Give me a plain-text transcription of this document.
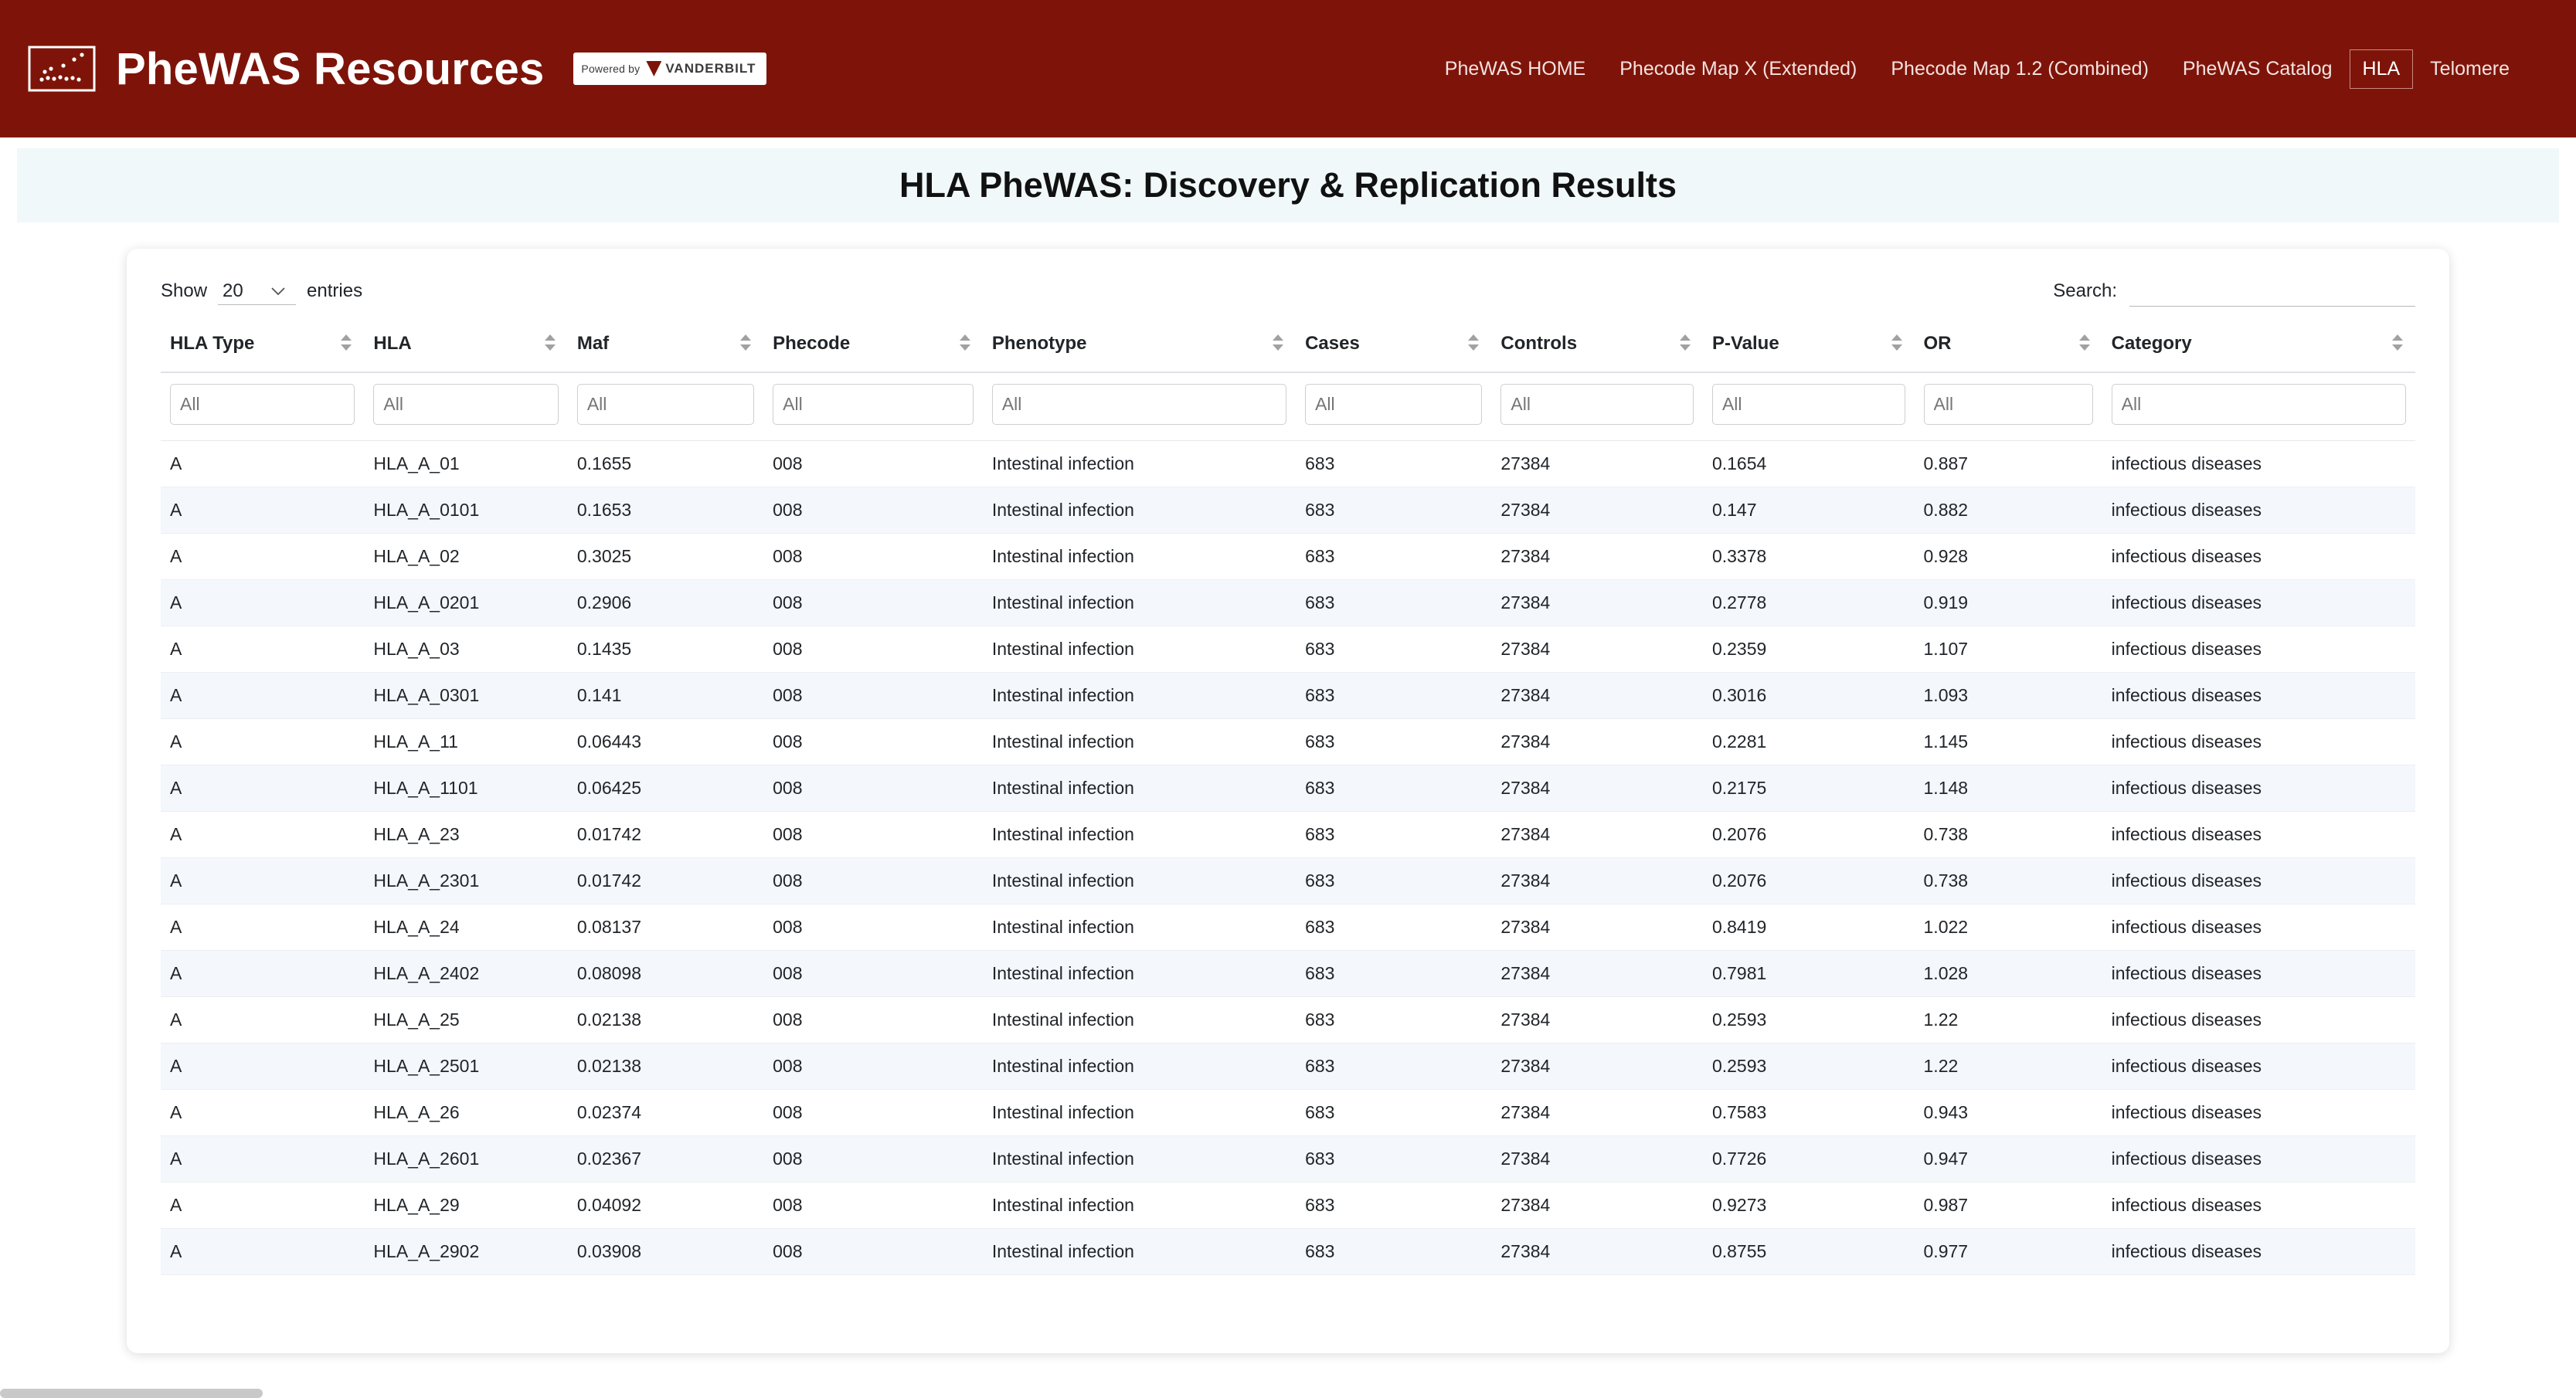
PheWAS Resources	Powered by VANDERBILT	PheWAS HOME	Phecode Map X (Extended)	Phecode Map 1.2 (Combined)	PheWAS Catalog	HLA	Telomere
HLA PheWAS: Discovery & Replication Results
Show
20	entries	Search:
HLA Type	HLA	Maf	Phecode	Phenotype	Cases	Controls	P-Value	OR	Category

All	All	All	All	All	All	All	All	All	All
A	HLA_A_01	0.1655	008	Intestinal infection	683	27384	0.1654	0.887	infectious diseases
A	HLA_A_0101	0.1653	008	Intestinal infection	683	27384	0.147	0.882	infectious diseases
A	HLA_A_02	0.3025	008	Intestinal infection	683	27384	0.3378	0.928	infectious diseases
A	HLA_A_0201	0.2906	008	Intestinal infection	683	27384	0.2778	0.919	infectious diseases
A	HLA_A_03	0.1435	008	Intestinal infection	683	27384	0.2359	1.107	infectious diseases
A	HLA_A_0301	0.141	008	Intestinal infection	683	27384	0.3016	1.093	infectious diseases
A	HLA_A_11	0.06443	008	Intestinal infection	683	27384	0.2281	1.145	infectious diseases
A	HLA_A_1101	0.06425	008	Intestinal infection	683	27384	0.2175	1.148	infectious diseases
A	HLA_A_23	0.01742	008	Intestinal infection	683	27384	0.2076	0.738	infectious diseases
A	HLA_A_2301	0.01742	008	Intestinal infection	683	27384	0.2076	0.738	infectious diseases
A	HLA_A_24	0.08137	008	Intestinal infection	683	27384	0.8419	1.022	infectious diseases
A	HLA_A_2402	0.08098	008	Intestinal infection	683	27384	0.7981	1.028	infectious diseases
A	HLA_A_25	0.02138	008	Intestinal infection	683	27384	0.2593	1.22	infectious diseases
A	HLA_A_2501	0.02138	008	Intestinal infection	683	27384	0.2593	1.22	infectious diseases
A	HLA_A_26	0.02374	008	Intestinal infection	683	27384	0.7583	0.943	infectious diseases
A	HLA_A_2601	0.02367	008	Intestinal infection	683	27384	0.7726	0.947	infectious diseases
A	HLA_A_29	0.04092	008	Intestinal infection	683	27384	0.9273	0.987	infectious diseases
A	HLA_A_2902	0.03908	008	Intestinal infection	683	27384	0.8755	0.977	infectious diseases
